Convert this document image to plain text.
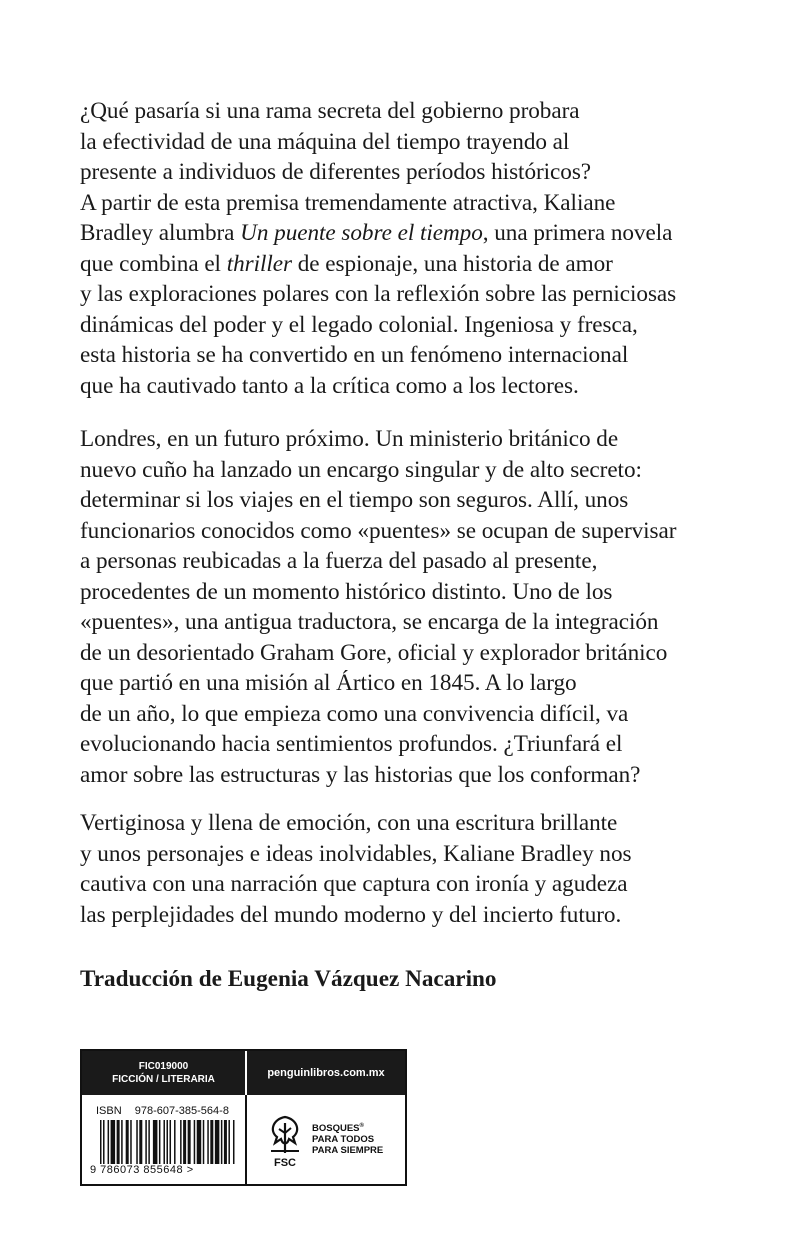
¿Qué pasaría si una rama secreta del gobierno probara
la efectividad de una máquina del tiempo trayendo al
presente a individuos de diferentes períodos históricos?
A partir de esta premisa tremendamente atractiva, Kaliane
Bradley alumbra Un puente sobre el tiempo, una primera novela
que combina el thriller de espionaje, una historia de amor
y las exploraciones polares con la reflexión sobre las perniciosas
dinámicas del poder y el legado colonial. Ingeniosa y fresca,
esta historia se ha convertido en un fenómeno internacional
que ha cautivado tanto a la crítica como a los lectores.
Londres, en un futuro próximo. Un ministerio británico de
nuevo cuño ha lanzado un encargo singular y de alto secreto:
determinar si los viajes en el tiempo son seguros. Allí, unos
funcionarios conocidos como «puentes» se ocupan de supervisar
a personas reubicadas a la fuerza del pasado al presente,
procedentes de un momento histórico distinto. Uno de los
«puentes», una antigua traductora, se encarga de la integración
de un desorientado Graham Gore, oficial y explorador británico
que partió en una misión al Ártico en 1845. A lo largo
de un año, lo que empieza como una convivencia difícil, va
evolucionando hacia sentimientos profundos. ¿Triunfará el
amor sobre las estructuras y las historias que los conforman?
Vertiginosa y llena de emoción, con una escritura brillante
y unos personajes e ideas inolvidables, Kaliane Bradley nos
cautiva con una narración que captura con ironía y agudeza
las perplejidades del mundo moderno y del incierto futuro.
Traducción de Eugenia Vázquez Nacarino
FIC019000
FICCIÓN / LITERARIA
penguinlibros.com.mx
ISBN 978-607-385-564-8
9 786073 855648 >
FSC
BOSQUES®
PARA TODOS
PARA SIEMPRE
